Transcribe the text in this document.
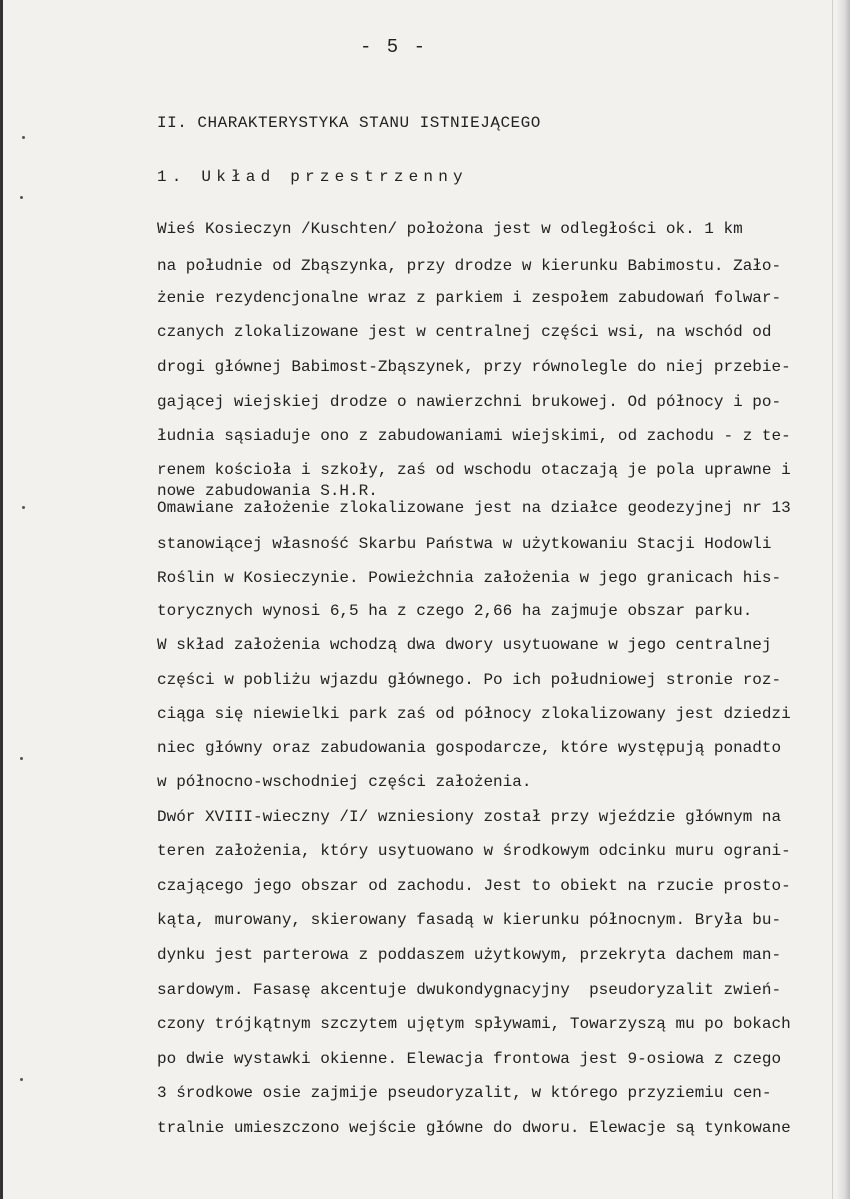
- 5 -
II. CHARAKTERYSTYKA STANU ISTNIEJĄCEGO
1. Układ przestrzenny
Wieś Kosieczyn /Kuschten/ położona jest w odległości ok. 1 km
na południe od Zbąszynka, przy drodze w kierunku Babimostu. Zało-
żenie rezydencjonalne wraz z parkiem i zespołem zabudowań folwar-
czanych zlokalizowane jest w centralnej części wsi, na wschód od
drogi głównej Babimost-Zbąszynek, przy równolegle do niej przebie-
gającej wiejskiej drodze o nawierzchni brukowej. Od północy i po-
łudnia sąsiaduje ono z zabudowaniami wiejskimi, od zachodu - z te-
renem kościoła i szkoły, zaś od wschodu otaczają je pola uprawne i
nowe zabudowania S.H.R.
Omawiane założenie zlokalizowane jest na działce geodezyjnej nr 13
stanowiącej własność Skarbu Państwa w użytkowaniu Stacji Hodowli
Roślin w Kosieczynie. Powieżchnia założenia w jego granicach his-
torycznych wynosi 6,5 ha z czego 2,66 ha zajmuje obszar parku.
W skład założenia wchodzą dwa dwory usytuowane w jego centralnej
części w pobliżu wjazdu głównego. Po ich południowej stronie roz-
ciąga się niewielki park zaś od północy zlokalizowany jest dziedzi
niec główny oraz zabudowania gospodarcze, które występują ponadto
w północno-wschodniej części założenia.
Dwór XVIII-wieczny /I/ wzniesiony został przy wjeździe głównym na
teren założenia, który usytuowano w środkowym odcinku muru ograni-
czającego jego obszar od zachodu. Jest to obiekt na rzucie prosto-
kąta, murowany, skierowany fasadą w kierunku północnym. Bryła bu-
dynku jest parterowa z poddaszem użytkowym, przekryta dachem man-
sardowym. Fasasę akcentuje dwukondygnacyjny  pseudoryzalit zwień-
czony trójkątnym szczytem ujętym spływami, Towarzyszą mu po bokach
po dwie wystawki okienne. Elewacja frontowa jest 9-osiowa z czego
3 środkowe osie zajmije pseudoryzalit, w którego przyziemiu cen-
tralnie umieszczono wejście główne do dworu. Elewacje są tynkowane
